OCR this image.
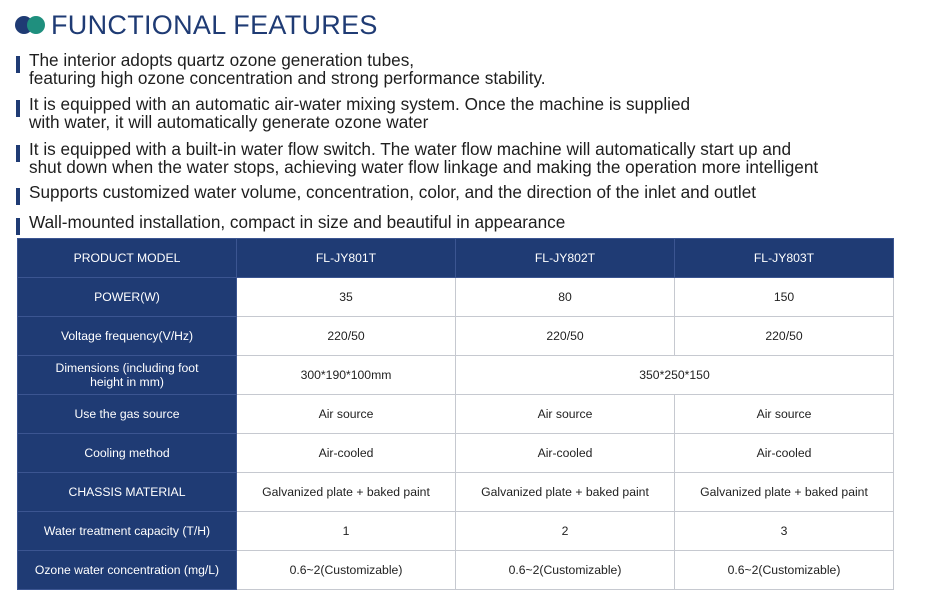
FUNCTIONAL FEATURES
The interior adopts quartz ozone generation tubes,
featuring high ozone concentration and strong performance stability.
It is equipped with an automatic air-water mixing system. Once the machine is supplied
with water, it will automatically generate ozone water
It is equipped with a built-in water flow switch. The water flow machine will automatically start up and
shut down when the water stops, achieving water flow linkage and making the operation more intelligent
Supports customized water volume, concentration, color, and the direction of the inlet and outlet
Wall-mounted installation, compact in size and beautiful in appearance
PRODUCT MODEL	FL-JY801T	FL-JY802T	FL-JY803T
POWER(W)	35	80	150
Voltage frequency(V/Hz)	220/50	220/50	220/50
Dimensions (including foot height in mm)	300*190*100mm	350*250*150	
Use the gas source	Air source	Air source	Air source
Cooling method	Air-cooled	Air-cooled	Air-cooled
CHASSIS MATERIAL	Galvanized plate + baked paint	Galvanized plate + baked paint	Galvanized plate + baked paint
Water treatment capacity (T/H)	1	2	3
Ozone water concentration (mg/L)	0.6~2(Customizable)	0.6~2(Customizable)	0.6~2(Customizable)
